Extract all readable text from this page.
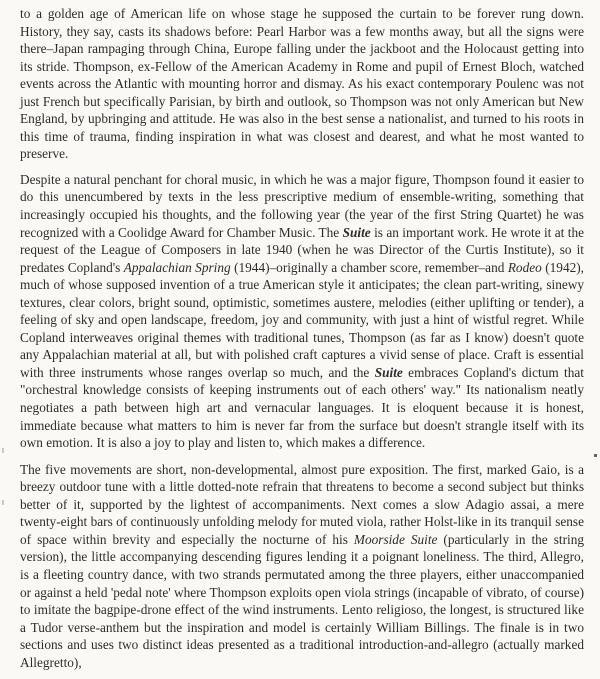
to a golden age of American life on whose stage he supposed the curtain to be forever rung down. History, they say, casts its shadows before: Pearl Harbor was a few months away, but all the signs were there–Japan rampaging through China, Europe falling under the jackboot and the Holocaust getting into its stride. Thompson, ex-Fellow of the American Academy in Rome and pupil of Ernest Bloch, watched events across the Atlantic with mounting horror and dismay. As his exact contemporary Poulenc was not just French but specifically Parisian, by birth and outlook, so Thompson was not only American but New England, by upbringing and attitude. He was also in the best sense a nationalist, and turned to his roots in this time of trauma, finding inspiration in what was closest and dearest, and what he most wanted to preserve.

Despite a natural penchant for choral music, in which he was a major figure, Thompson found it easier to do this unencumbered by texts in the less prescriptive medium of ensemble-writing, something that increasingly occupied his thoughts, and the following year (the year of the first String Quartet) he was recognized with a Coolidge Award for Chamber Music. The Suite is an important work. He wrote it at the request of the League of Composers in late 1940 (when he was Director of the Curtis Institute), so it predates Copland's Appalachian Spring (1944)–originally a chamber score, remember–and Rodeo (1942), much of whose supposed invention of a true American style it anticipates; the clean part-writing, sinewy textures, clear colors, bright sound, optimistic, sometimes austere, melodies (either uplifting or tender), a feeling of sky and open landscape, freedom, joy and community, with just a hint of wistful regret. While Copland interweaves original themes with traditional tunes, Thompson (as far as I know) doesn't quote any Appalachian material at all, but with polished craft captures a vivid sense of place. Craft is essential with three instruments whose ranges overlap so much, and the Suite embraces Copland's dictum that "orchestral knowledge consists of keeping instruments out of each others' way." Its nationalism neatly negotiates a path between high art and vernacular languages. It is eloquent because it is honest, immediate because what matters to him is never far from the surface but doesn't strangle itself with its own emotion. It is also a joy to play and listen to, which makes a difference.

The five movements are short, non-developmental, almost pure exposition. The first, marked Gaio, is a breezy outdoor tune with a little dotted-note refrain that threatens to become a second subject but thinks better of it, supported by the lightest of accompaniments. Next comes a slow Adagio assai, a mere twenty-eight bars of continuously unfolding melody for muted viola, rather Holst-like in its tranquil sense of space within brevity and especially the nocturne of his Moorside Suite (particularly in the string version), the little accompanying descending figures lending it a poignant loneliness. The third, Allegro, is a fleeting country dance, with two strands permutated among the three players, either unaccompanied or against a held 'pedal note' where Thompson exploits open viola strings (incapable of vibrato, of course) to imitate the bagpipe-drone effect of the wind instruments. Lento religioso, the longest, is structured like a Tudor verse-anthem but the inspiration and model is certainly William Billings. The finale is in two sections and uses two distinct ideas presented as a traditional introduction-and-allegro (actually marked Allegretto),
